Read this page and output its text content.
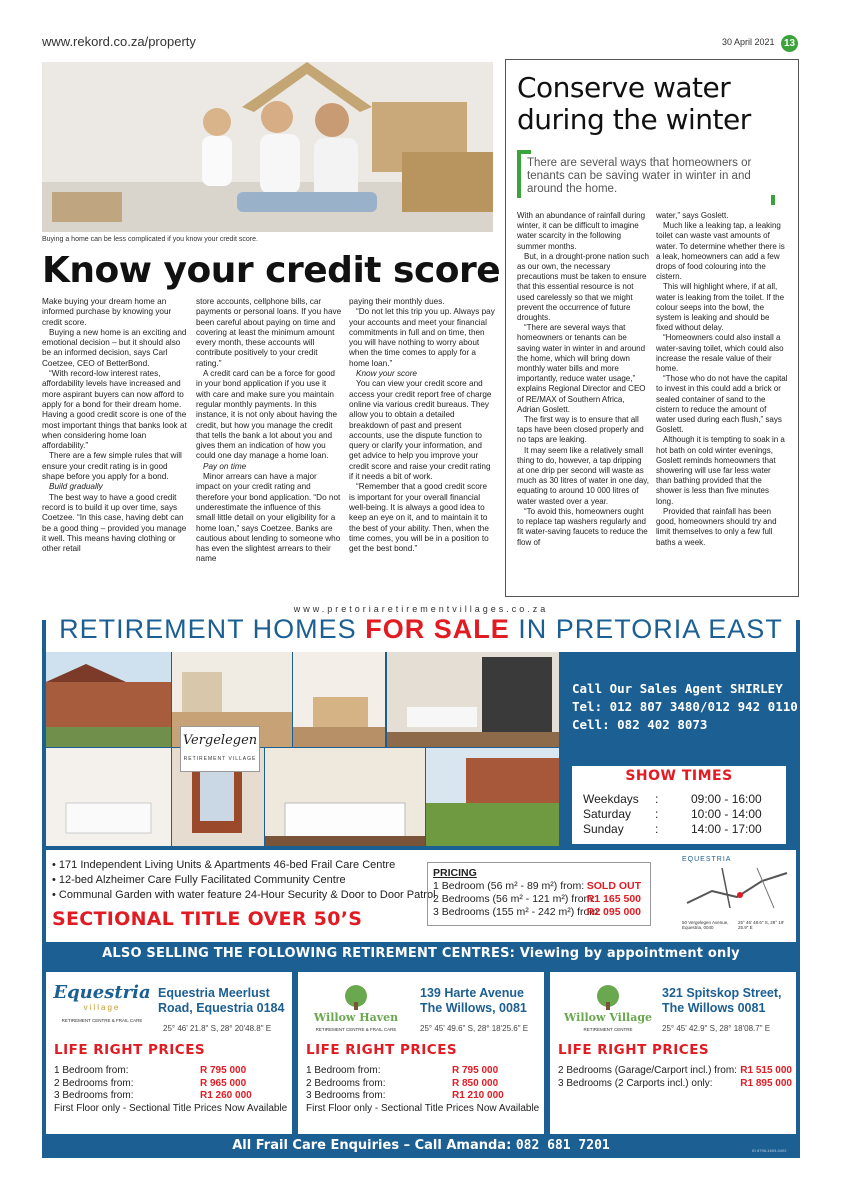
www.rekord.co.za/property	30 April 2021 13
Buying a home can be less complicated if you know your credit score.
Know your credit score

Make buying your dream home an informed purchase by knowing your credit score.

Buying a new home is an exciting and emotional decision – but it should also be an informed decision, says Carl Coetzee, CEO of BetterBond.

“With record-low interest rates, affordability levels have increased and more aspirant buyers can now afford to apply for a bond for their dream home. Having a good credit score is one of the most important things that banks look at when considering home loan affordability.”

There are a few simple rules that will ensure your credit rating is in good shape before you apply for a bond.

Build gradually

The best way to have a good credit record is to build it up over time, says Coetzee. “In this case, having debt can be a good thing – provided you manage it well. This means having clothing or other retail

store accounts, cellphone bills, car payments or personal loans. If you have been careful about paying on time and covering at least the minimum amount every month, these accounts will contribute positively to your credit rating.”

A credit card can be a force for good in your bond application if you use it with care and make sure you maintain regular monthly payments. In this instance, it is not only about having the credit, but how you manage the credit that tells the bank a lot about you and gives them an indication of how you could one day manage a home loan.

Pay on time

Minor arrears can have a major impact on your credit rating and therefore your bond application. “Do not underestimate the influence of this small little detail on your eligibility for a home loan,” says Coetzee. Banks are cautious about lending to someone who has even the slightest arrears to their name

paying their monthly dues.

“Do not let this trip you up. Always pay your accounts and meet your financial commitments in full and on time, then you will have nothing to worry about when the time comes to apply for a home loan.”

Know your score

You can view your credit score and access your credit report free of charge online via various credit bureaus. They allow you to obtain a detailed breakdown of past and present accounts, use the dispute function to query or clarify your information, and get advice to help you improve your credit score and raise your credit rating if it needs a bit of work.

“Remember that a good credit score is important for your overall financial well-being. It is always a good idea to keep an eye on it, and to maintain it to the best of your ability. Then, when the time comes, you will be in a position to get the best bond.”

Conserve water during the winter
There are several ways that homeowners or tenants can be saving water in winter in and around the home.

With an abundance of rainfall during winter, it can be difficult to imagine water scarcity in the following summer months.

But, in a drought-prone nation such as our own, the necessary precautions must be taken to ensure that this essential resource is not used carelessly so that we might prevent the occurrence of future droughts.

“There are several ways that homeowners or tenants can be saving water in winter in and around the home, which will bring down monthly water bills and more importantly, reduce water usage,” explains Regional Director and CEO of RE/MAX of Southern Africa, Adrian Goslett.

The first way is to ensure that all taps have been closed properly and no taps are leaking.

It may seem like a relatively small thing to do, however, a tap dripping at one drip per second will waste as much as 30 litres of water in one day, equating to around 10 000 litres of water wasted over a year.

“To avoid this, homeowners ought to replace tap washers regularly and fit water-saving faucets to reduce the flow of

water,” says Goslett.

Much like a leaking tap, a leaking toilet can waste vast amounts of water. To determine whether there is a leak, homeowners can add a few drops of food colouring into the cistern.

This will highlight where, if at all, water is leaking from the toilet. If the colour seeps into the bowl, the system is leaking and should be fixed without delay.

“Homeowners could also install a water-saving toilet, which could also increase the resale value of their home.

“Those who do not have the capital to invest in this could add a brick or sealed container of sand to the cistern to reduce the amount of water used during each flush,” says Goslett.

Although it is tempting to soak in a hot bath on cold winter evenings, Goslett reminds homeowners that showering will use far less water than bathing provided that the shower is less than five minutes long.

Provided that rainfall has been good, homeowners should try and limit themselves to only a few full baths a week.

www.pretoriaretirementvillages.co.za
RETIREMENT HOMES FOR SALE IN PRETORIA EAST
Vergelegen
RETIREMENT VILLAGE
Call Our Sales Agent SHIRLEY
Tel: 012 807 3480/012 942 0110
Cell: 082 402 8073
SHOW TIMES
Weekdays :	09:00 - 16:00
Saturday :	10:00 - 14:00
Sunday	:	14:00 - 17:00
• 171 Independent Living Units & Apartments 46-bed Frail Care Centre
• 12-bed Alzheimer Care Fully Facilitated Community Centre
• Communal Garden with water feature 24-Hour Security & Door to Door Patrol
SECTIONAL TITLE OVER 50’S
PRICING
1 Bedroom (56 m² - 89 m²) from: SOLD OUT
2 Bedrooms (56 m² - 121 m²) from:
R1 165 500
3 Bedrooms (155 m² - 242 m²) from:
R2 095 000
EQUESTRIA
50 Vergelegen Avenue, Equestria, 0040
25° 46' 48.6" S, 28° 19' 25.9" E
ALSO SELLING THE FOLLOWING RETIREMENT CENTRES: Viewing by appointment only
Equestria
village
RETIREMENT CENTRE & FRAIL CARE
Equestria Meerlust
Road, Equestria 0184
25° 46' 21.8" S, 28° 20'48.8" E
LIFE RIGHT PRICES
1 Bedroom from:	R 795 000
2 Bedrooms from:	R 965 000
3 Bedrooms from:	R1 260 000
First Floor only - Sectional Title Prices Now Available
Willow Haven
RETIREMENT CENTRE & FRAIL CARE
139 Harte Avenue
The Willows, 0081
25° 45' 49.6" S, 28° 18'25.6" E
LIFE RIGHT PRICES
1 Bedroom from:	R 795 000
2 Bedrooms from:	R 850 000
3 Bedrooms from:	R1 210 000
First Floor only - Sectional Title Prices Now Available
Willow Village
RETIREMENT CENTRE
321 Spitskop Street,
The Willows 0081
25° 45' 42.9" S, 28° 18'08.7" E
LIFE RIGHT PRICES
2 Bedrooms (Garage/Carport incl.) from: R1 515 000
3 Bedrooms (2 Carports incl.) only:	R1 895 000
All Frail Care Enquiries – Call Amanda: 082 681 7201	ID 8798-1693-0402
